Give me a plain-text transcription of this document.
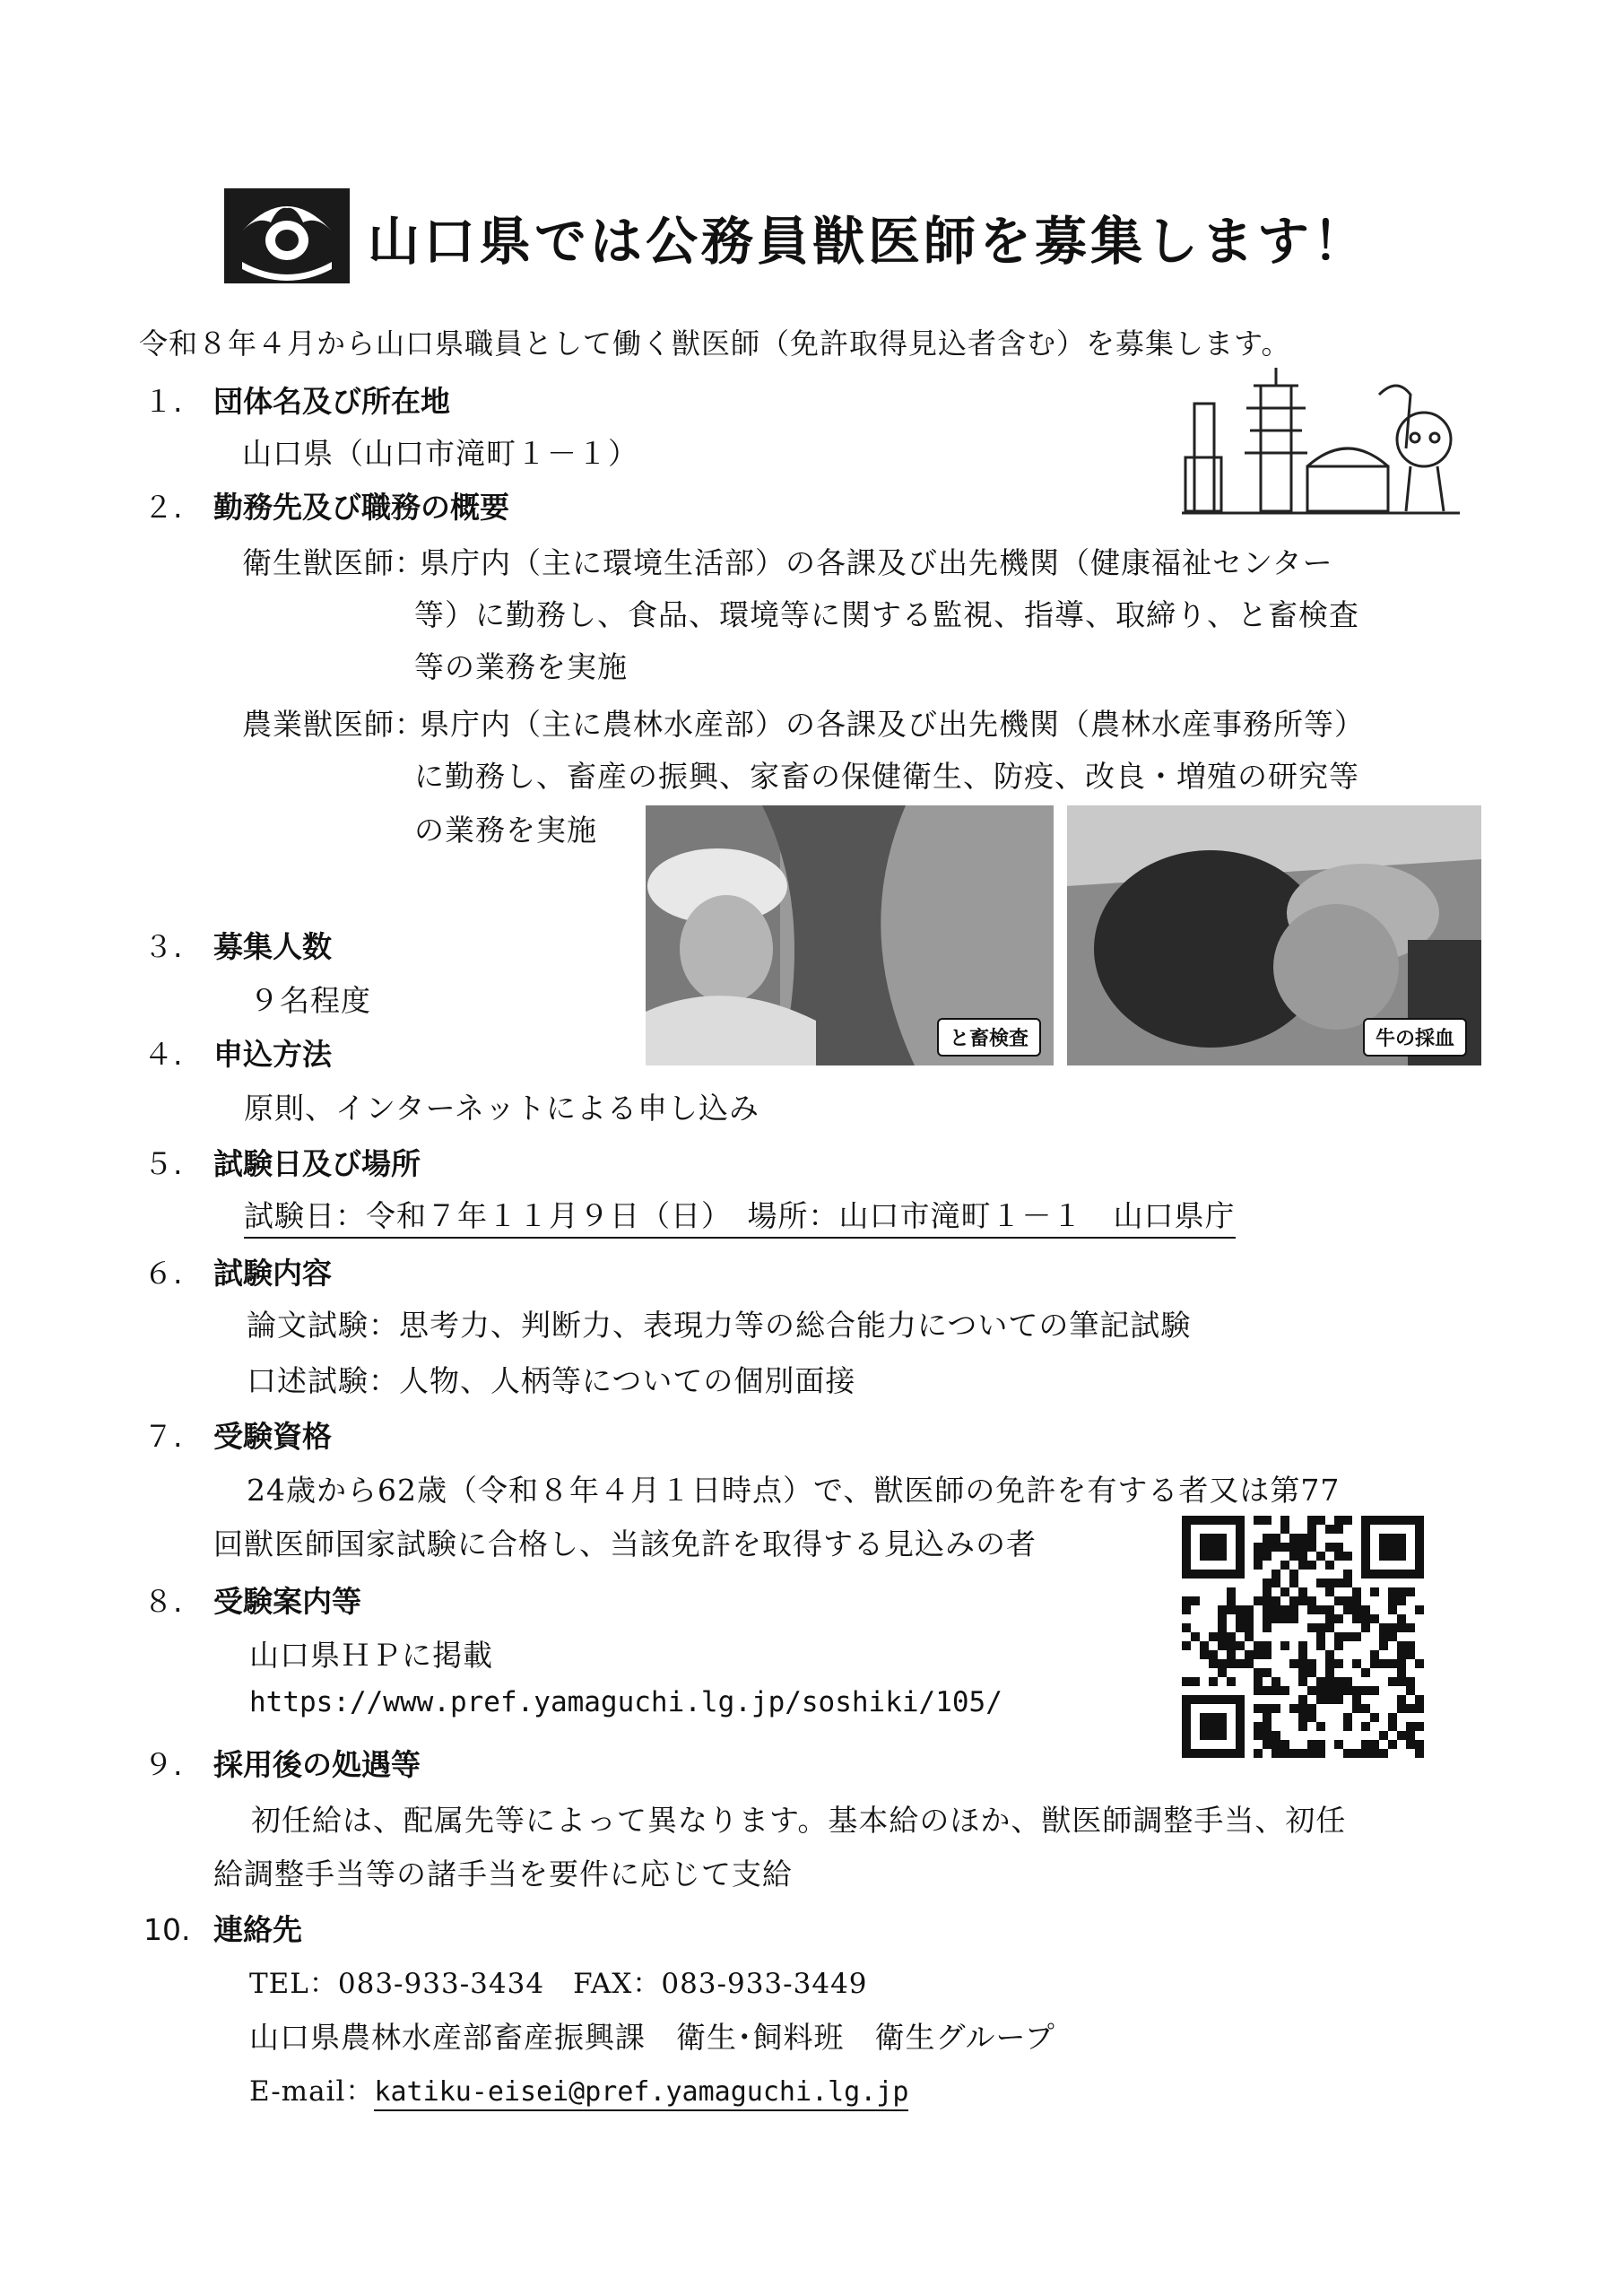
山口県では公務員獣医師を募集します！
令和８年４月から山口県職員として働く獣医師（免許取得見込者含む）を募集します。
１. 団体名及び所在地
山口県（山口市滝町１－１）
２. 勤務先及び職務の概要
衛生獣医師：
県庁内（主に環境生活部）の各課及び出先機関（健康福祉センター
等）に勤務し、食品、環境等に関する監視、指導、取締り、と畜検査
等の業務を実施
農業獣医師：
県庁内（主に農林水産部）の各課及び出先機関（農林水産事務所等）
に勤務し、畜産の振興、家畜の保健衛生、防疫、改良・増殖の研究等
の業務を実施
と畜検査	牛の採血
３. 募集人数
９名程度
４. 申込方法
原則、インターネットによる申し込み
５. 試験日及び場所
試験日：令和７年１１月９日（日）　場所：山口市滝町１－１　山口県庁
６. 試験内容
論文試験：思考力、判断力、表現力等の総合能力についての筆記試験
口述試験：人物、人柄等についての個別面接
７. 受験資格
24歳から62歳（令和８年４月１日時点）で、獣医師の免許を有する者又は第77
回獣医師国家試験に合格し、当該免許を取得する見込みの者
８. 受験案内等
山口県ＨＰに掲載
https://www.pref.yamaguchi.lg.jp/soshiki/105/
９. 採用後の処遇等
初任給は、配属先等によって異なります。基本給のほか、獣医師調整手当、初任
給調整手当等の諸手当を要件に応じて支給
10. 連絡先
TEL：083-933-3434　FAX：083-933-3449
山口県農林水産部畜産振興課　衛生･飼料班　衛生グループ
E-mail：katiku-eisei@pref.yamaguchi.lg.jp
